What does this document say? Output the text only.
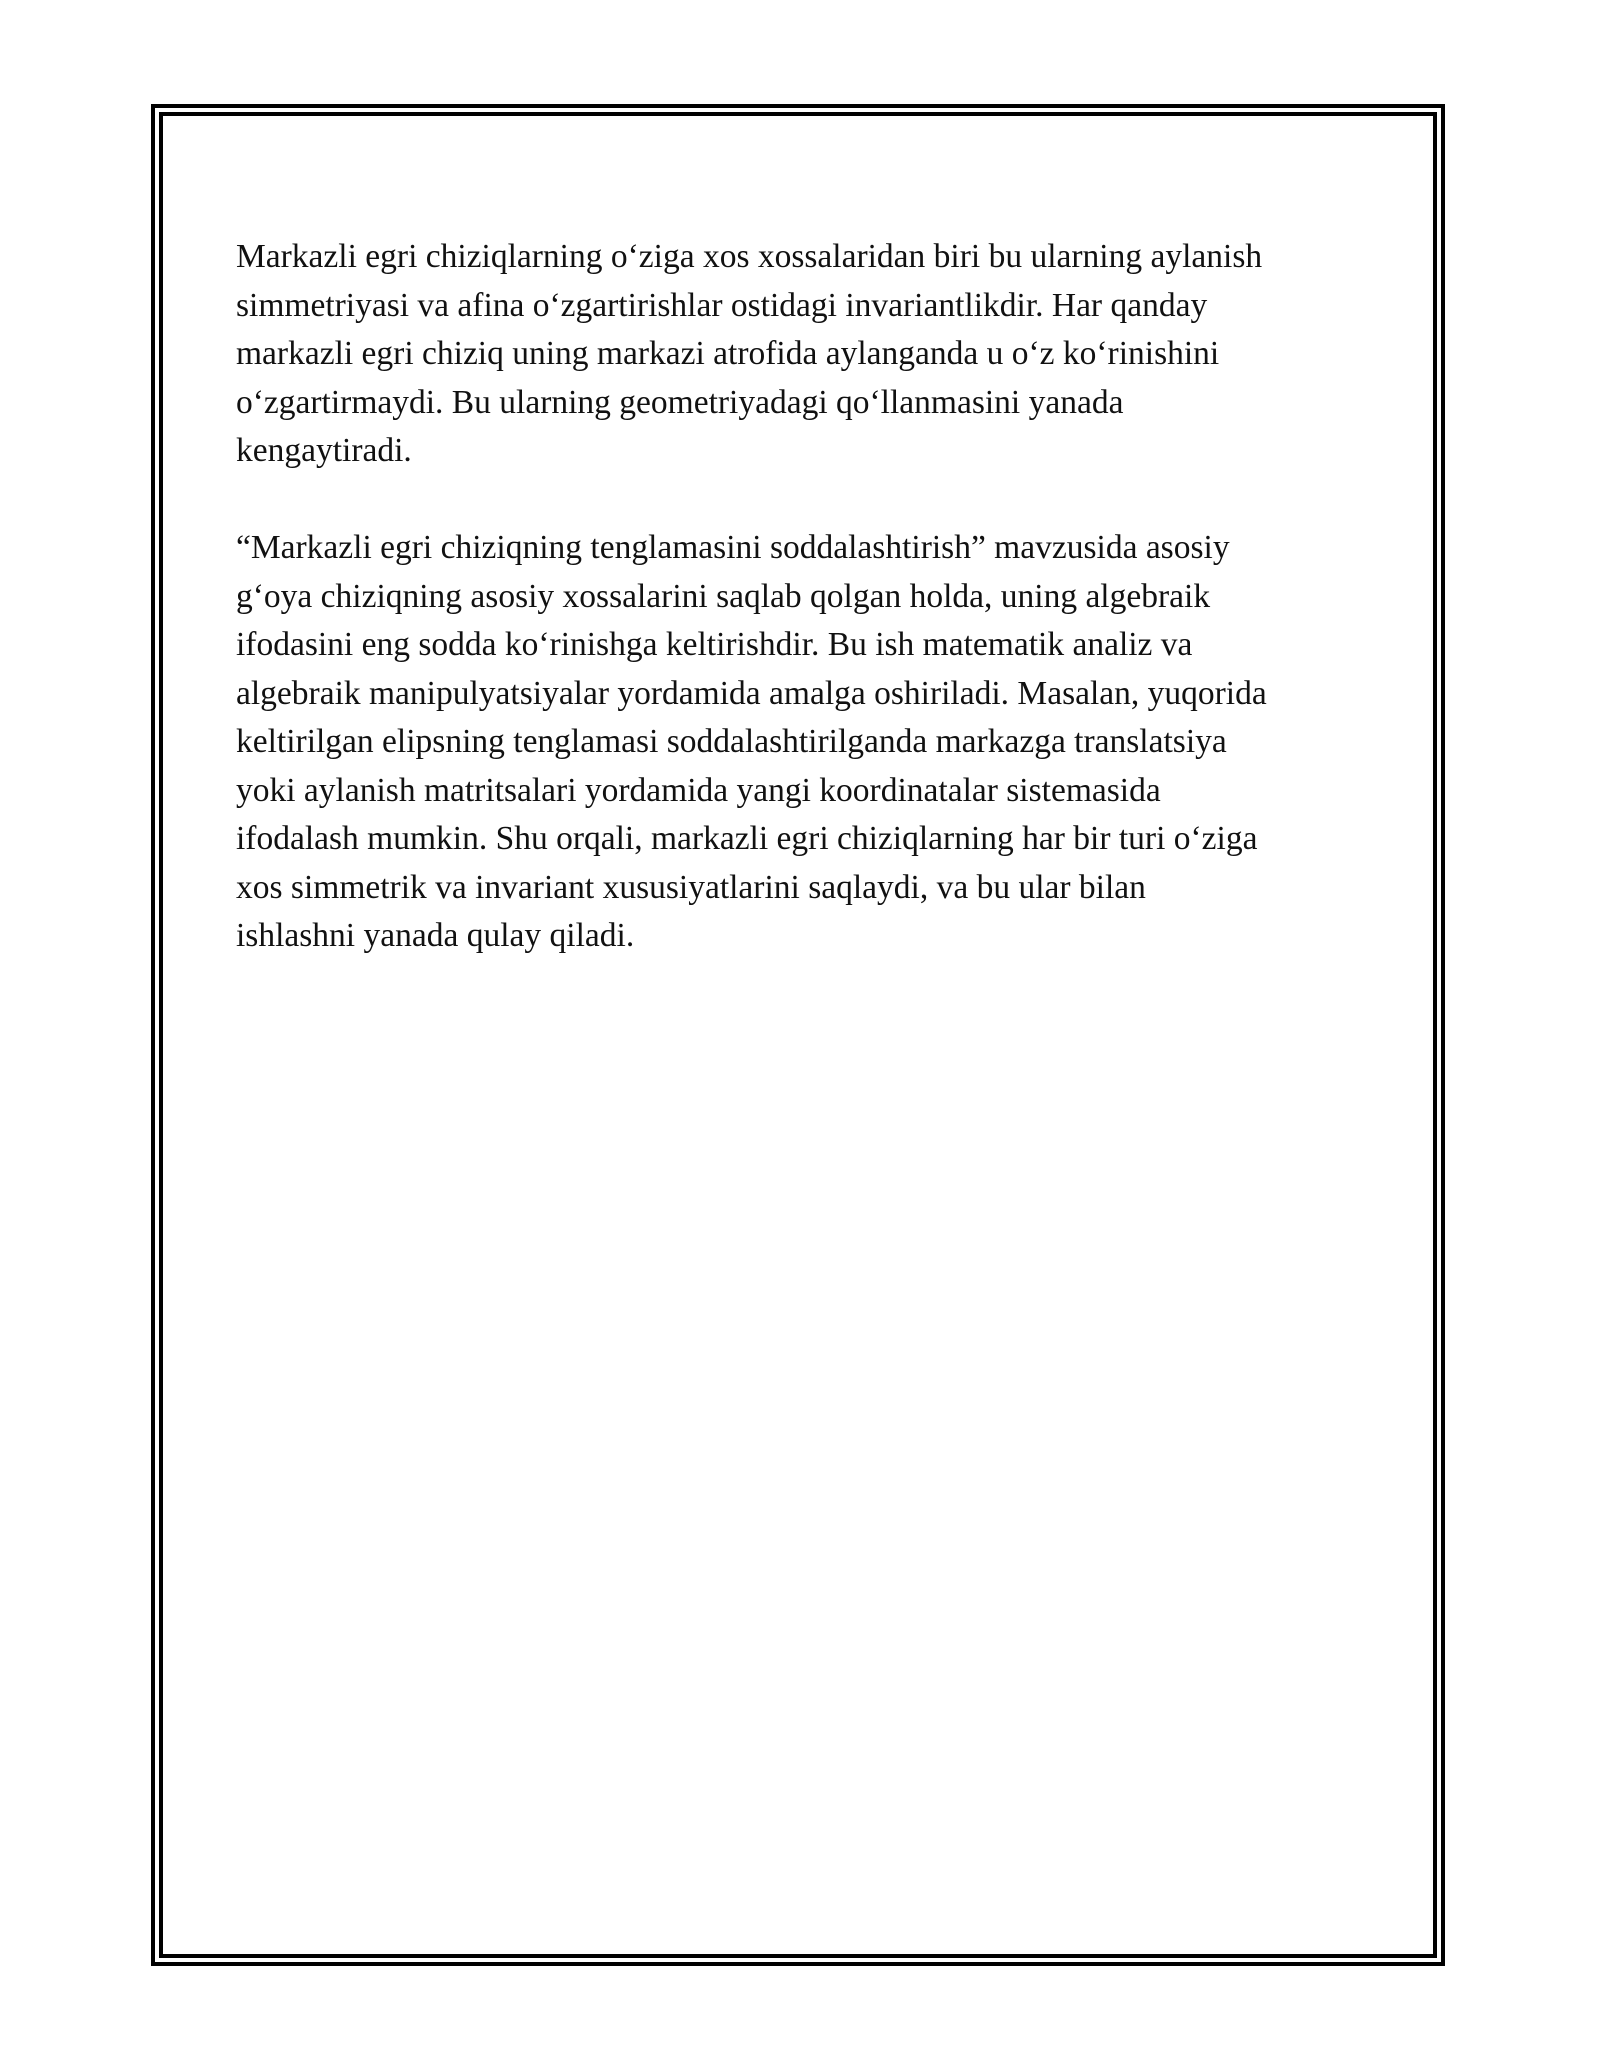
Markazli egri chiziqlarning o‘ziga xos xossalaridan biri bu ularning aylanish
simmetriyasi va afina o‘zgartirishlar ostidagi invariantlikdir. Har qanday
markazli egri chiziq uning markazi atrofida aylanganda u o‘z ko‘rinishini
o‘zgartirmaydi. Bu ularning geometriyadagi qo‘llanmasini yanada
kengaytiradi.

“Markazli egri chiziqning tenglamasini soddalashtirish” mavzusida asosiy
g‘oya chiziqning asosiy xossalarini saqlab qolgan holda, uning algebraik
ifodasini eng sodda ko‘rinishga keltirishdir. Bu ish matematik analiz va
algebraik manipulyatsiyalar yordamida amalga oshiriladi. Masalan, yuqorida
keltirilgan elipsning tenglamasi soddalashtirilganda markazga translatsiya
yoki aylanish matritsalari yordamida yangi koordinatalar sistemasida
ifodalash mumkin. Shu orqali, markazli egri chiziqlarning har bir turi o‘ziga
xos simmetrik va invariant xususiyatlarini saqlaydi, va bu ular bilan
ishlashni yanada qulay qiladi.
